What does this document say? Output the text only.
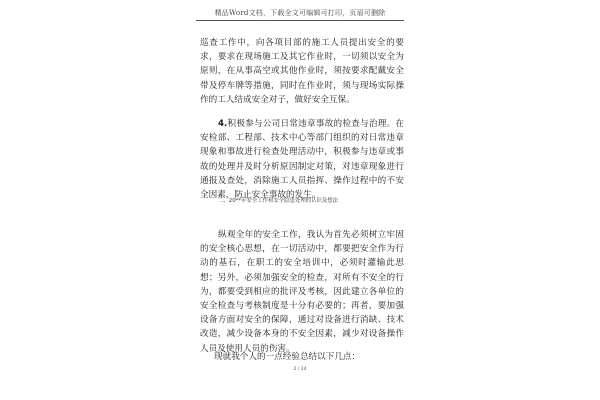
精品Word文档，下载全文可编辑可打印，页眉可删除

巡查工作中，向各项目部的施工人员提出安全的要求，要求在现场施工及其它作业时，一切须以安全为原则，在从事高空或其他作业时，须按要求配戴安全带及停车牌等措施，同时在作业时，须与现场实际操作的工人结成安全对子，做好安全互保。

4.积极参与公司日常违章事故的检查与治理。在安检部、工程部、技术中心等部门组织的对日常违章现象和事故进行检查处理活动中，积极参与违章或事故的处理并及时分析原因制定对策，对违章现象进行通报及查处，消除施工人员指挥、操作过程中的不安全因素，防止安全事故的发生。

二、20**年安全工作和安全隐患处理的认识及想法

纵观全年的安全工作，我认为首先必须树立牢固的安全核心思想，在一切活动中，都要把安全作为行动的基石，在职工的安全培训中，必须时灌输此思想；另外，必须加强安全的检查，对所有不安全的行为，都要受到相应的批评及考核，因此建立各单位的安全检查与考核制度是十分有必要的；再者，要加强设备方面对安全的保障，通过对设备进行消缺、技术改造，减少设备本身的不安全因素，减少对设备操作人员及使用人员的伤害。

现就我个人的一点经验总结以下几点：

2 / 24
